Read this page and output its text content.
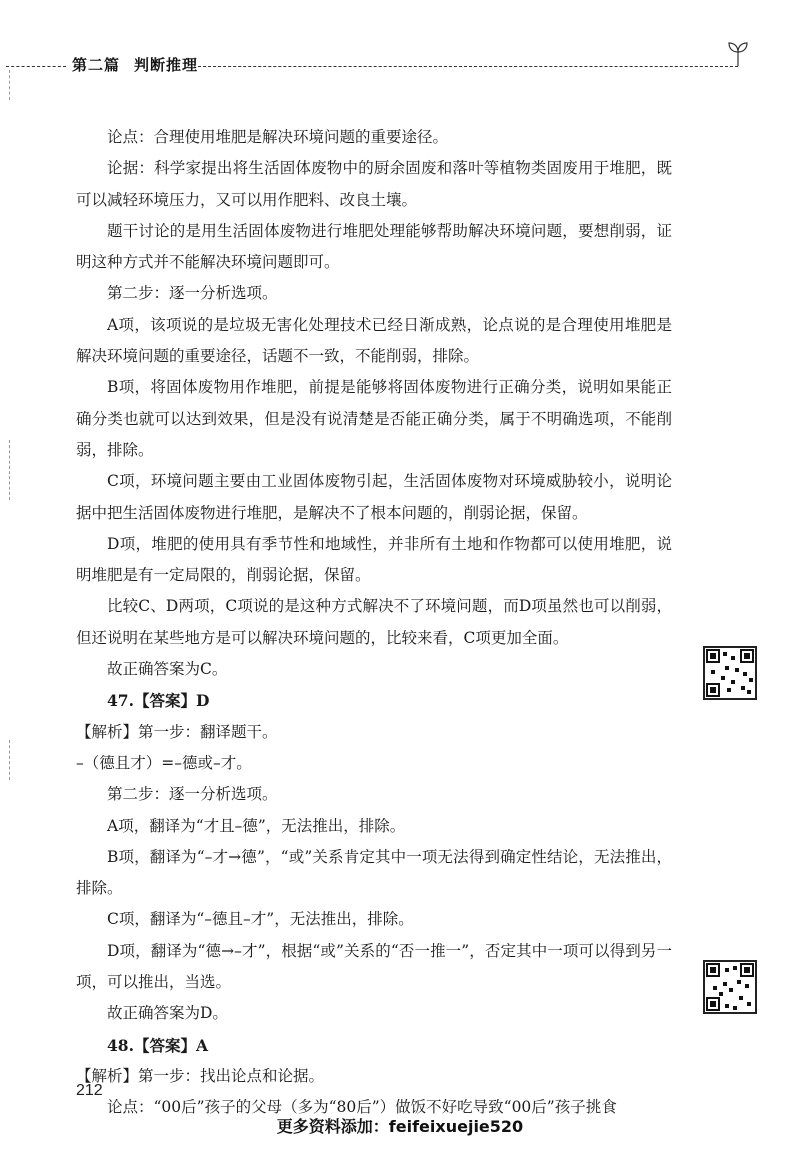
第二篇 判断推理

论点：合理使用堆肥是解决环境问题的重要途径。

论据：科学家提出将生活固体废物中的厨余固废和落叶等植物类固废用于堆肥，既可以减轻环境压力，又可以用作肥料、改良土壤。

题干讨论的是用生活固体废物进行堆肥处理能够帮助解决环境问题，要想削弱，证明这种方式并不能解决环境问题即可。

第二步：逐一分析选项。

A项，该项说的是垃圾无害化处理技术已经日渐成熟，论点说的是合理使用堆肥是解决环境问题的重要途径，话题不一致，不能削弱，排除。

B项，将固体废物用作堆肥，前提是能够将固体废物进行正确分类，说明如果能正确分类也就可以达到效果，但是没有说清楚是否能正确分类，属于不明确选项，不能削弱，排除。

C项，环境问题主要由工业固体废物引起，生活固体废物对环境威胁较小，说明论据中把生活固体废物进行堆肥，是解决不了根本问题的，削弱论据，保留。

D项，堆肥的使用具有季节性和地域性，并非所有土地和作物都可以使用堆肥，说明堆肥是有一定局限的，削弱论据，保留。

比较C、D两项，C项说的是这种方式解决不了环境问题，而D项虽然也可以削弱，但还说明在某些地方是可以解决环境问题的，比较来看，C项更加全面。

故正确答案为C。

47.【答案】D

【解析】第一步：翻译题干。

–（德且才）=–德或–才。

第二步：逐一分析选项。

A项，翻译为“才且–德”，无法推出，排除。

B项，翻译为“–才→德”，“或”关系肯定其中一项无法得到确定性结论，无法推出，排除。

C项，翻译为“–德且–才”，无法推出，排除。

D项，翻译为“德→–才”，根据“或”关系的“否一推一”，否定其中一项可以得到另一项，可以推出，当选。

故正确答案为D。

48.【答案】A

【解析】第一步：找出论点和论据。

论点：“00后”孩子的父母（多为“80后”）做饭不好吃导致“00后”孩子挑食

212
更多资料添加：feifeixuejie520
